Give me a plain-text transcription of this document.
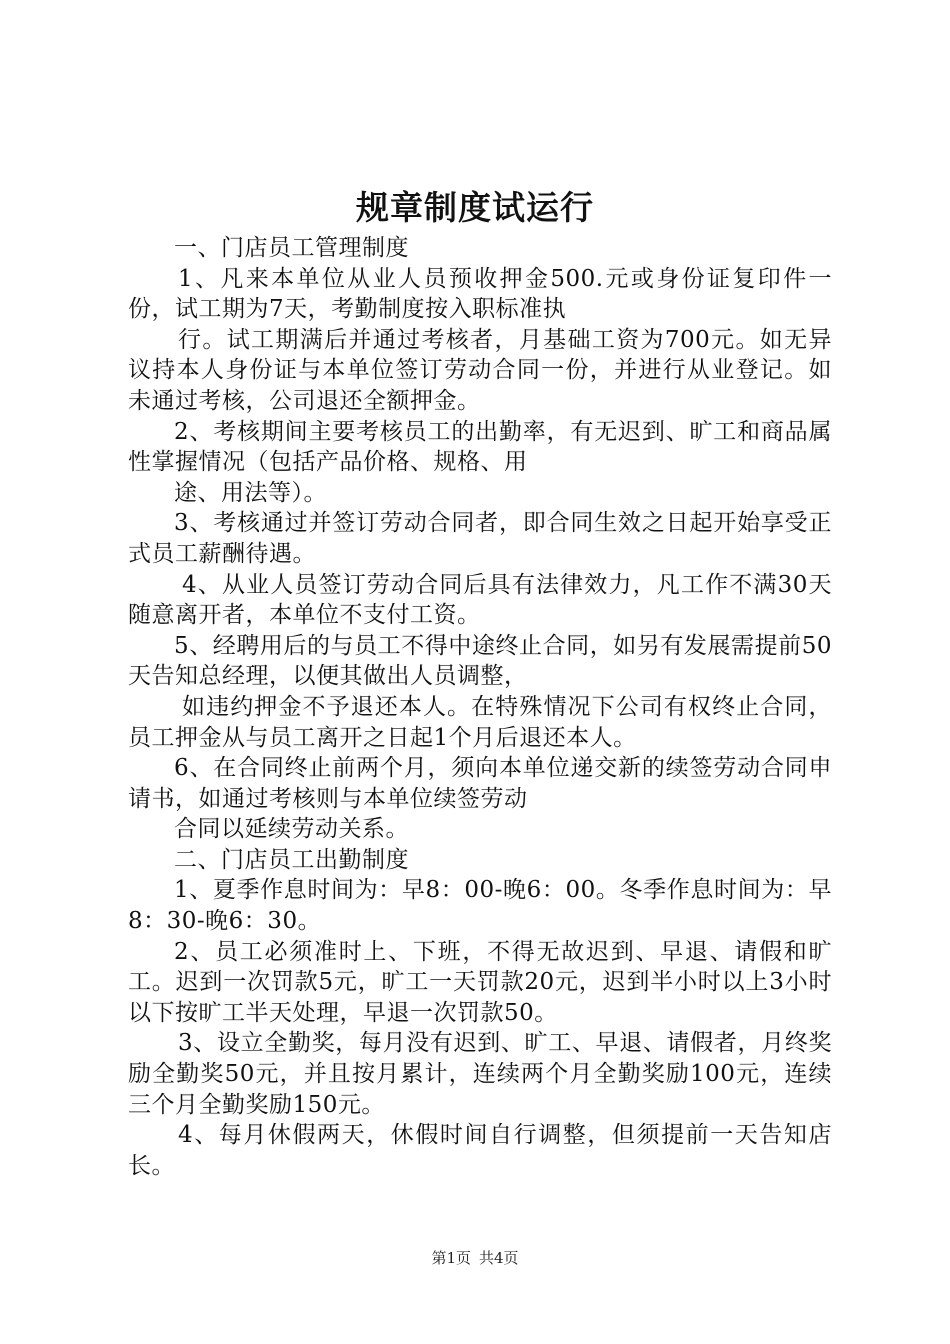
规章制度试运行

一、门店员工管理制度

1、凡来本单位从业人员预收押金500.元或身份证复印件一份，试工期为7天，考勤制度按入职标准执

行。试工期满后并通过考核者，月基础工资为700元。如无异议持本人身份证与本单位签订劳动合同一份，并进行从业登记。如未通过考核，公司退还全额押金。

2、考核期间主要考核员工的出勤率，有无迟到、旷工和商品属性掌握情况（包括产品价格、规格、用

途、用法等）。

3、考核通过并签订劳动合同者，即合同生效之日起开始享受正式员工薪酬待遇。

4、从业人员签订劳动合同后具有法律效力，凡工作不满30天随意离开者，本单位不支付工资。

5、经聘用后的与员工不得中途终止合同，如另有发展需提前50天告知总经理，以便其做出人员调整，

如违约押金不予退还本人。在特殊情况下公司有权终止合同，员工押金从与员工离开之日起1个月后退还本人。

6、在合同终止前两个月，须向本单位递交新的续签劳动合同申请书，如通过考核则与本单位续签劳动

合同以延续劳动关系。

二、门店员工出勤制度

1、夏季作息时间为：早8：00-晚6：00。冬季作息时间为：早8：30-晚6：30。

2、员工必须准时上、下班，不得无故迟到、早退、请假和旷工。迟到一次罚款5元，旷工一天罚款20元，迟到半小时以上3小时以下按旷工半天处理，早退一次罚款50。

3、设立全勤奖，每月没有迟到、旷工、早退、请假者，月终奖励全勤奖50元，并且按月累计，连续两个月全勤奖励100元，连续三个月全勤奖励150元。

4、每月休假两天，休假时间自行调整，但须提前一天告知店长。

第1页 共4页
